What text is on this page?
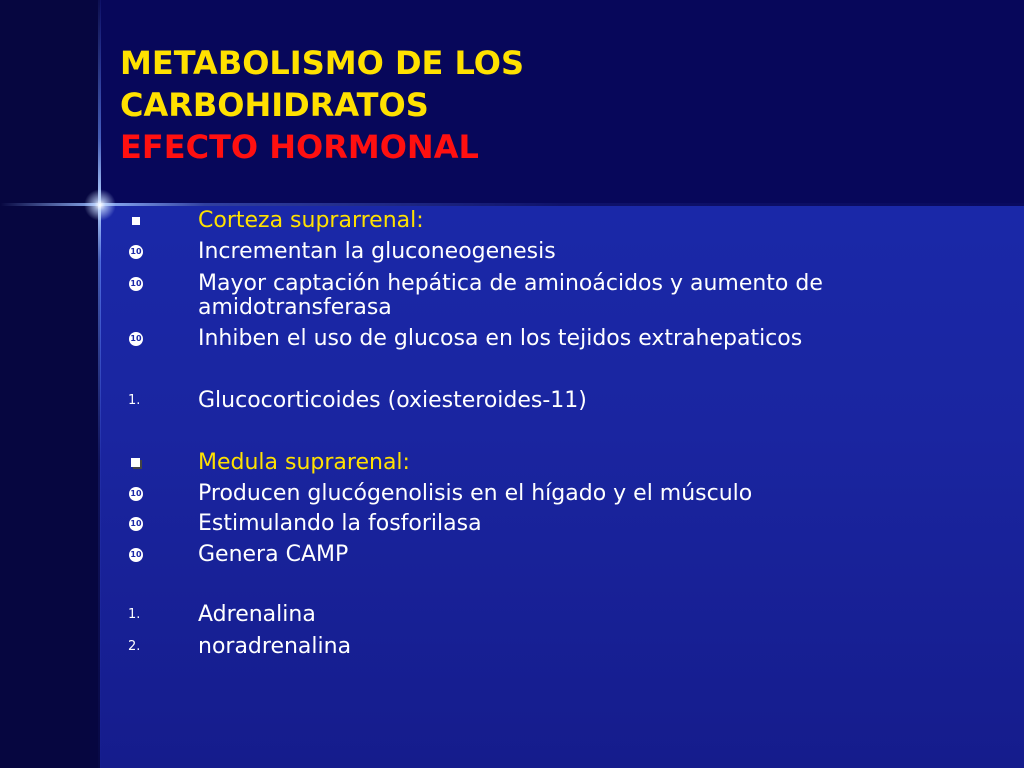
METABOLISMO DE LOS
CARBOHIDRATOS
EFECTO HORMONAL
Corteza suprarrenal:
10	Incrementan la gluconeogenesis
10	Mayor captación hepática de aminoácidos y aumento de amidotransferasa
10	Inhiben el uso de glucosa en los tejidos extrahepaticos
1.	Glucocorticoides (oxiesteroides-11)
Medula suprarenal:
10	Producen glucógenolisis en el hígado y el músculo
10	Estimulando la fosforilasa
10	Genera CAMP
1.	Adrenalina
2.	noradrenalina
